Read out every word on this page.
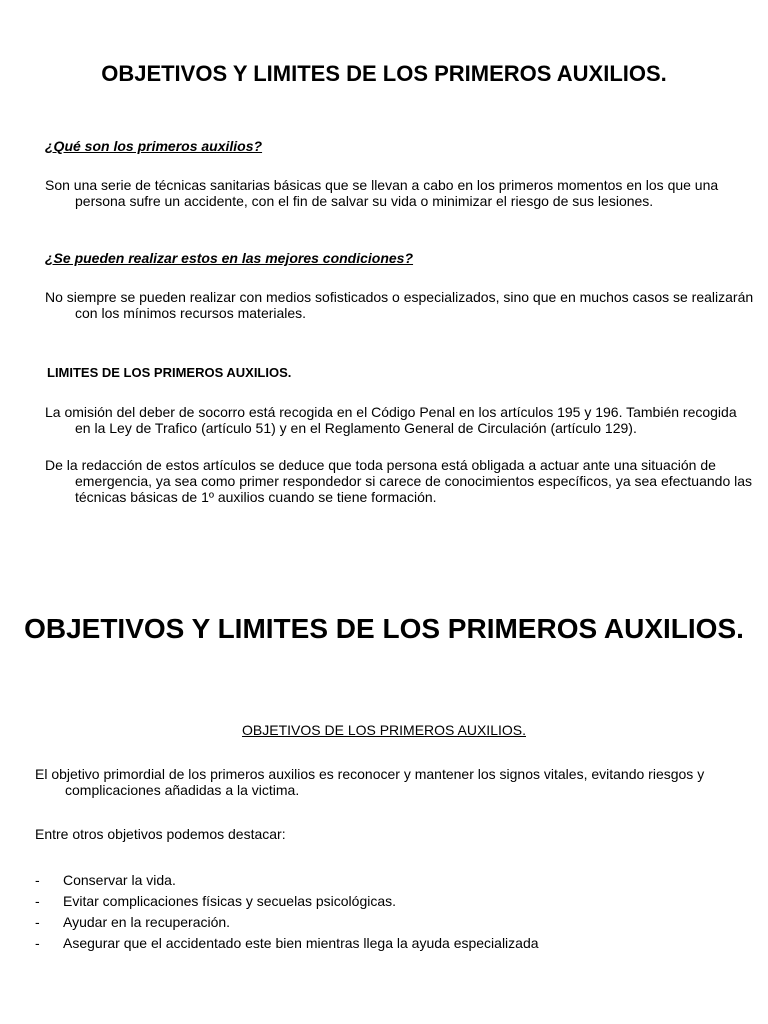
OBJETIVOS Y LIMITES DE LOS PRIMEROS AUXILIOS.

¿Qué son los primeros auxilios?

Son una serie de técnicas sanitarias básicas que se llevan a cabo en los primeros momentos en los que una persona sufre un accidente, con el fin de salvar su vida o minimizar el riesgo de sus lesiones.

¿Se pueden realizar estos en las mejores condiciones?

No siempre se pueden realizar con medios sofisticados o especializados, sino que en muchos casos se realizarán con los mínimos recursos materiales.

LIMITES DE LOS PRIMEROS AUXILIOS.

La omisión del deber de socorro está recogida en el Código Penal en los artículos 195 y 196. También recogida en la Ley de Trafico (artículo 51) y en el Reglamento General de Circulación (artículo 129).

De la redacción de estos artículos se deduce que toda persona está obligada a actuar ante una situación de emergencia, ya sea como primer respondedor si carece de conocimientos específicos, ya sea efectuando las técnicas básicas de 1º auxilios cuando se tiene formación.

OBJETIVOS Y LIMITES DE LOS PRIMEROS AUXILIOS.

OBJETIVOS DE LOS PRIMEROS AUXILIOS.

El objetivo primordial de los primeros auxilios es reconocer y mantener los signos vitales, evitando riesgos y complicaciones añadidas a la victima.

Entre otros objetivos podemos destacar:

- Conservar la vida.
- Evitar complicaciones físicas y secuelas psicológicas.
- Ayudar en la recuperación.
- Asegurar que el accidentado este bien mientras llega la ayuda especializada
